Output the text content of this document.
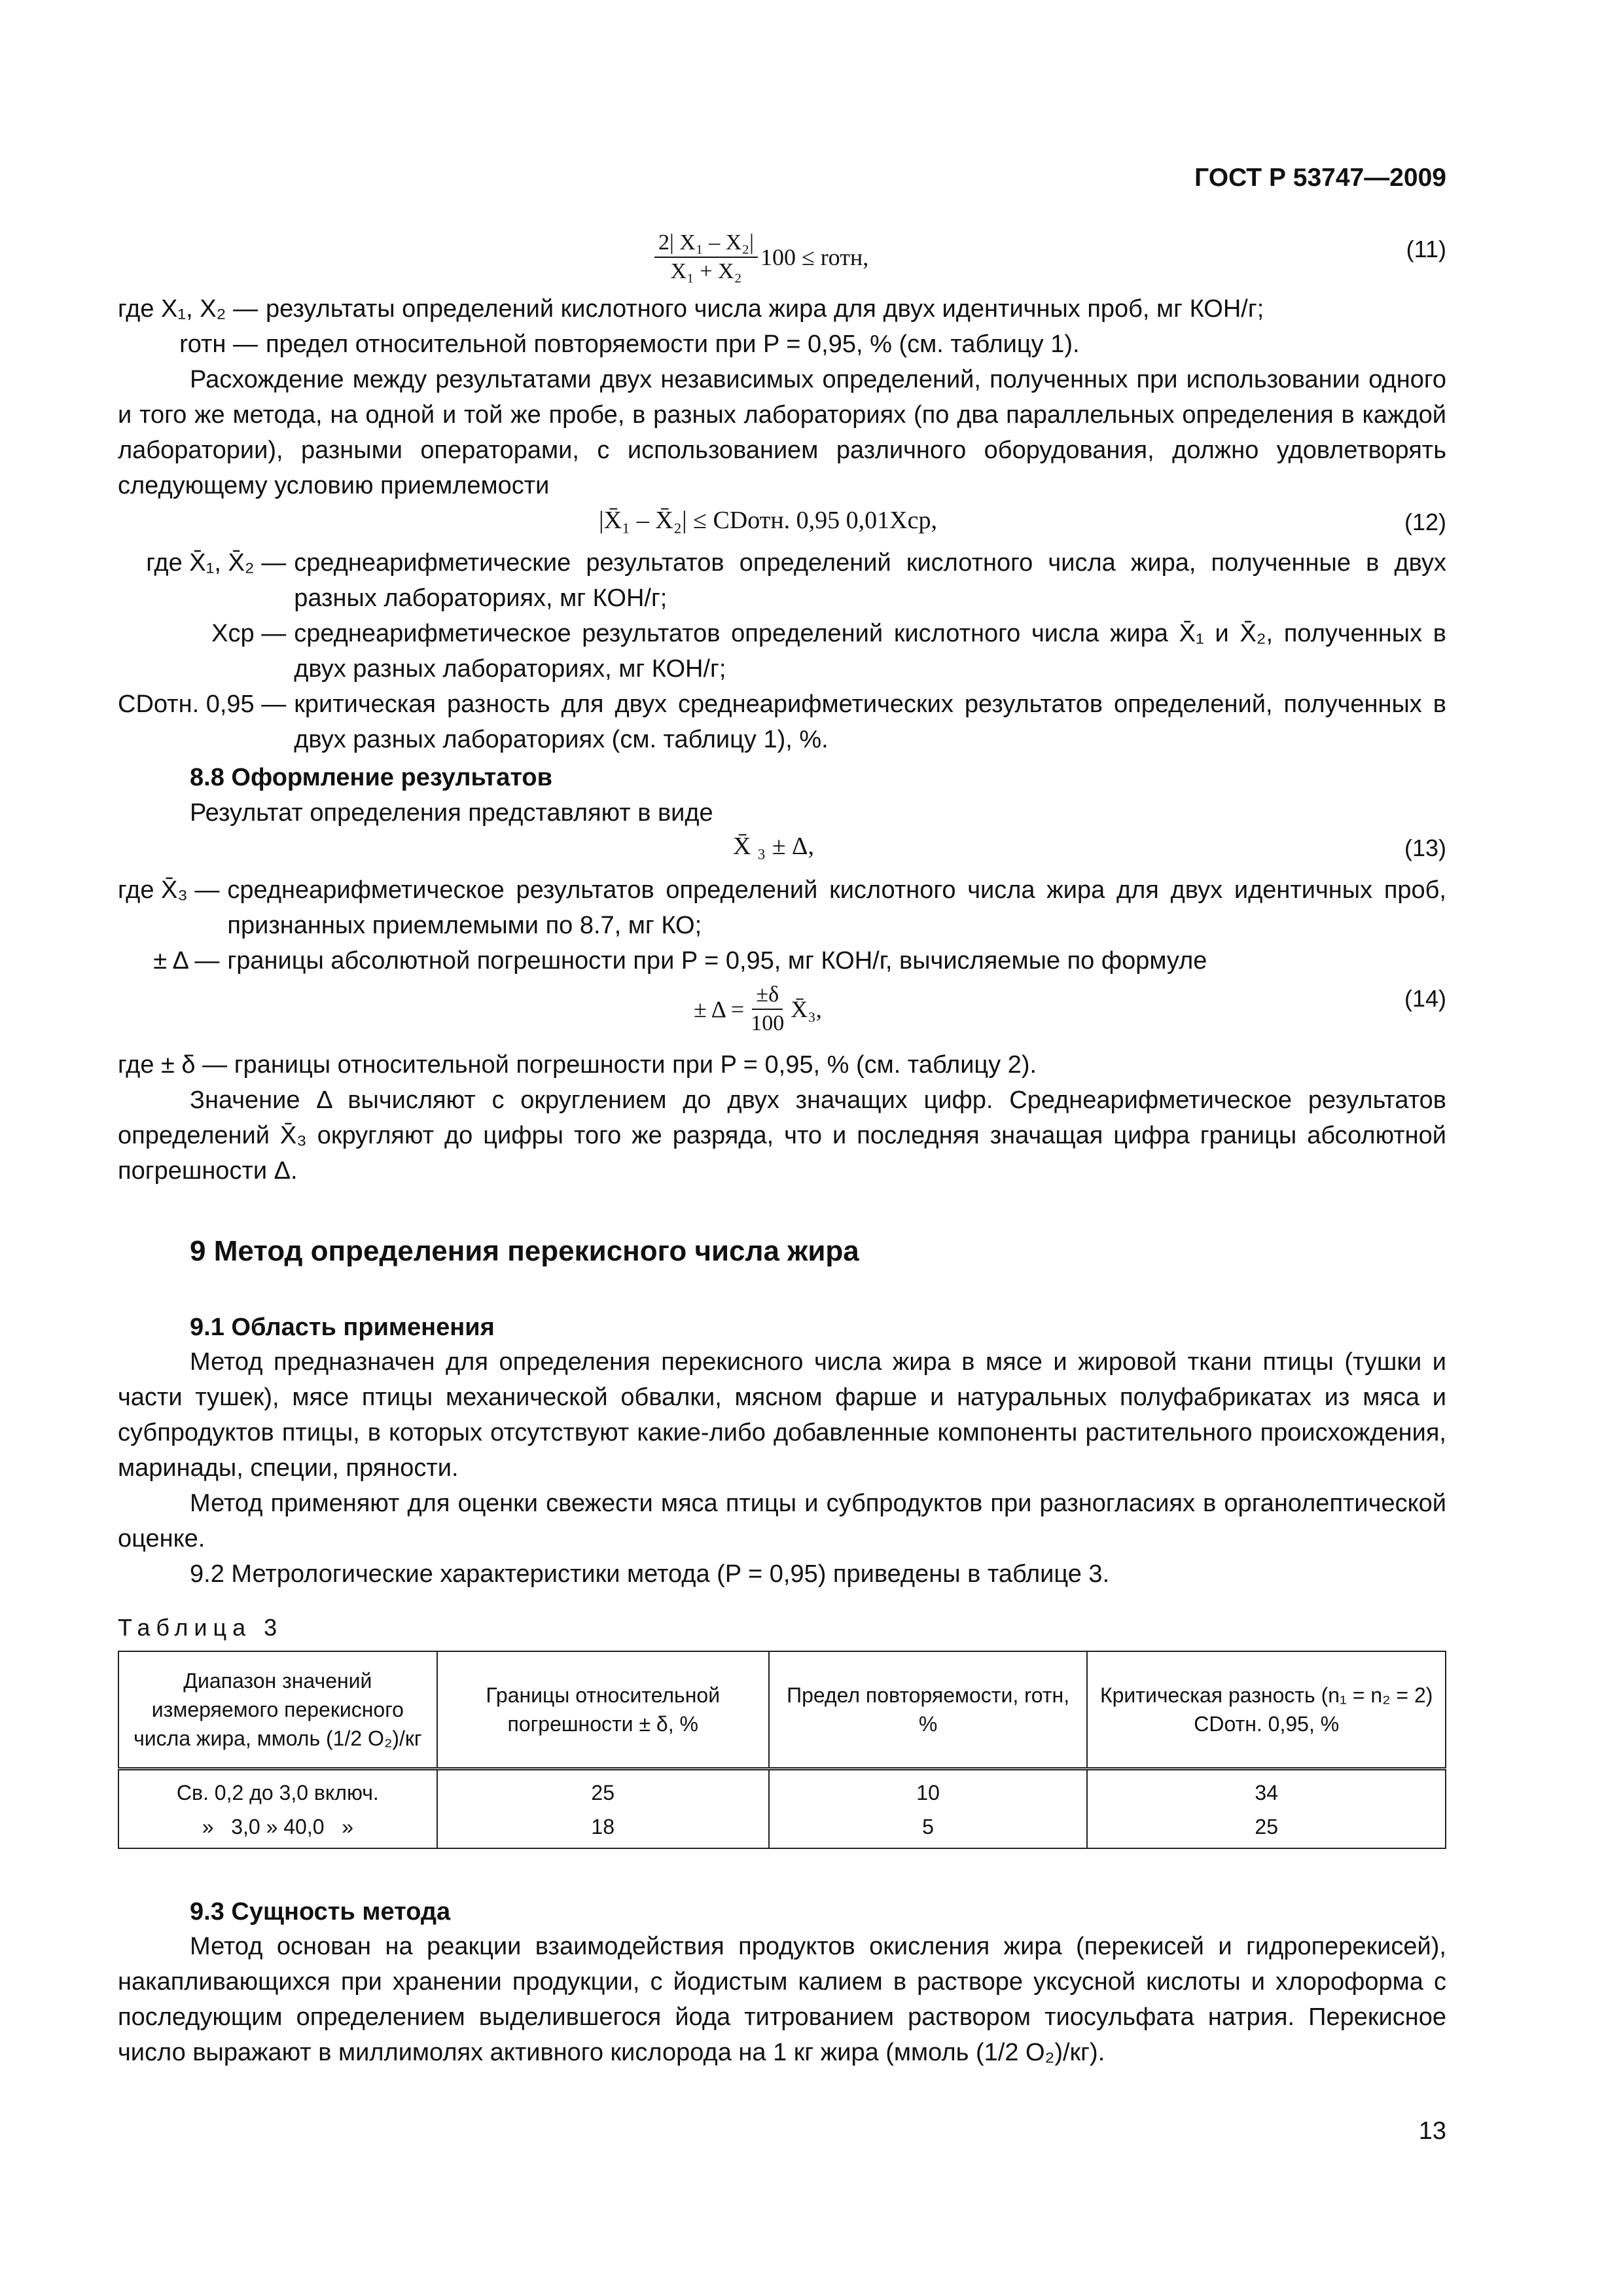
ГОСТ Р 53747—2009
$\frac{\text{2| X₁ – X₂|}}{\text{X₁ + X₂}} 100$ ≤ rотн,	(11)
где X₁, X₂ — результаты определений кислотного числа жира для двух идентичных проб, мг КОН/г;
rотн — предел относительной повторяемости при P = 0,95, % (см. таблицу 1).
Расхождение между результатами двух независимых определений, полученных при использовании одного и того же метода, на одной и той же пробе, в разных лабораториях (по два параллельных определения в каждой лаборатории), разными операторами, с использованием различного оборудования, должно удовлетворять следующему условию приемлемости
|X̄₁ – X̄₂| ≤ CDотн. 0,95 0,01Xср,	(12)
где X̄₁, X̄₂ — среднеарифметические результатов определений кислотного числа жира, полученные в двух разных лабораториях, мг КОН/г;
Xср — среднеарифметическое результатов определений кислотного числа жира X̄₁ и X̄₂, полученных в двух разных лабораториях, мг КОН/г;
CDотн. 0,95 — критическая разность для двух среднеарифметических результатов определений, полученных в двух разных лабораториях (см. таблицу 1), %.
8.8 Оформление результатов
Результат определения представляют в виде
X̄ ₃ ± Δ,	(13)
где X̄₃ — среднеарифметическое результатов определений кислотного числа жира для двух идентичных проб, признанных приемлемыми по 8.7, мг КО;
± Δ — границы абсолютной погрешности при P = 0,95, мг КОН/г, вычисляемые по формуле
± $\Delta = \frac{\pm\delta}{100}$ X̄₃,	(14)
где ± δ — границы относительной погрешности при P = 0,95, % (см. таблицу 2).
Значение Δ вычисляют с округлением до двух значащих цифр. Среднеарифметическое результатов определений X̄₃ округляют до цифры того же разряда, что и последняя значащая цифра границы абсолютной погрешности Δ.
9 Метод определения перекисного числа жира
9.1 Область применения
Метод предназначен для определения перекисного числа жира в мясе и жировой ткани птицы (тушки и части тушек), мясе птицы механической обвалки, мясном фарше и натуральных полуфабрикатах из мяса и субпродуктов птицы, в которых отсутствуют какие-либо добавленные компоненты растительного происхождения, маринады, специи, пряности.
Метод применяют для оценки свежести мяса птицы и субпродуктов при разногласиях в органолептической оценке.
9.2 Метрологические характеристики метода (P = 0,95) приведены в таблице 3.
Таблица 3
Диапазон значений измеряемого перекисного числа жира, ммоль (1/2 O₂)/кг	Границы относительной погрешности ± δ, %	Предел повторяемости, rотн, %	Критическая разность (n₁ = n₂ = 2) CDотн. 0,95, %
Св. 0,2 до 3,0 включ.	25	10	34
»   3,0 » 40,0   »	18	5	25
9.3 Сущность метода
Метод основан на реакции взаимодействия продуктов окисления жира (перекисей и гидроперекисей), накапливающихся при хранении продукции, с йодистым калием в растворе уксусной кислоты и хлороформа с последующим определением выделившегося йода титрованием раствором тиосульфата натрия. Перекисное число выражают в миллимолях активного кислорода на 1 кг жира (ммоль (1/2 O₂)/кг).
13
